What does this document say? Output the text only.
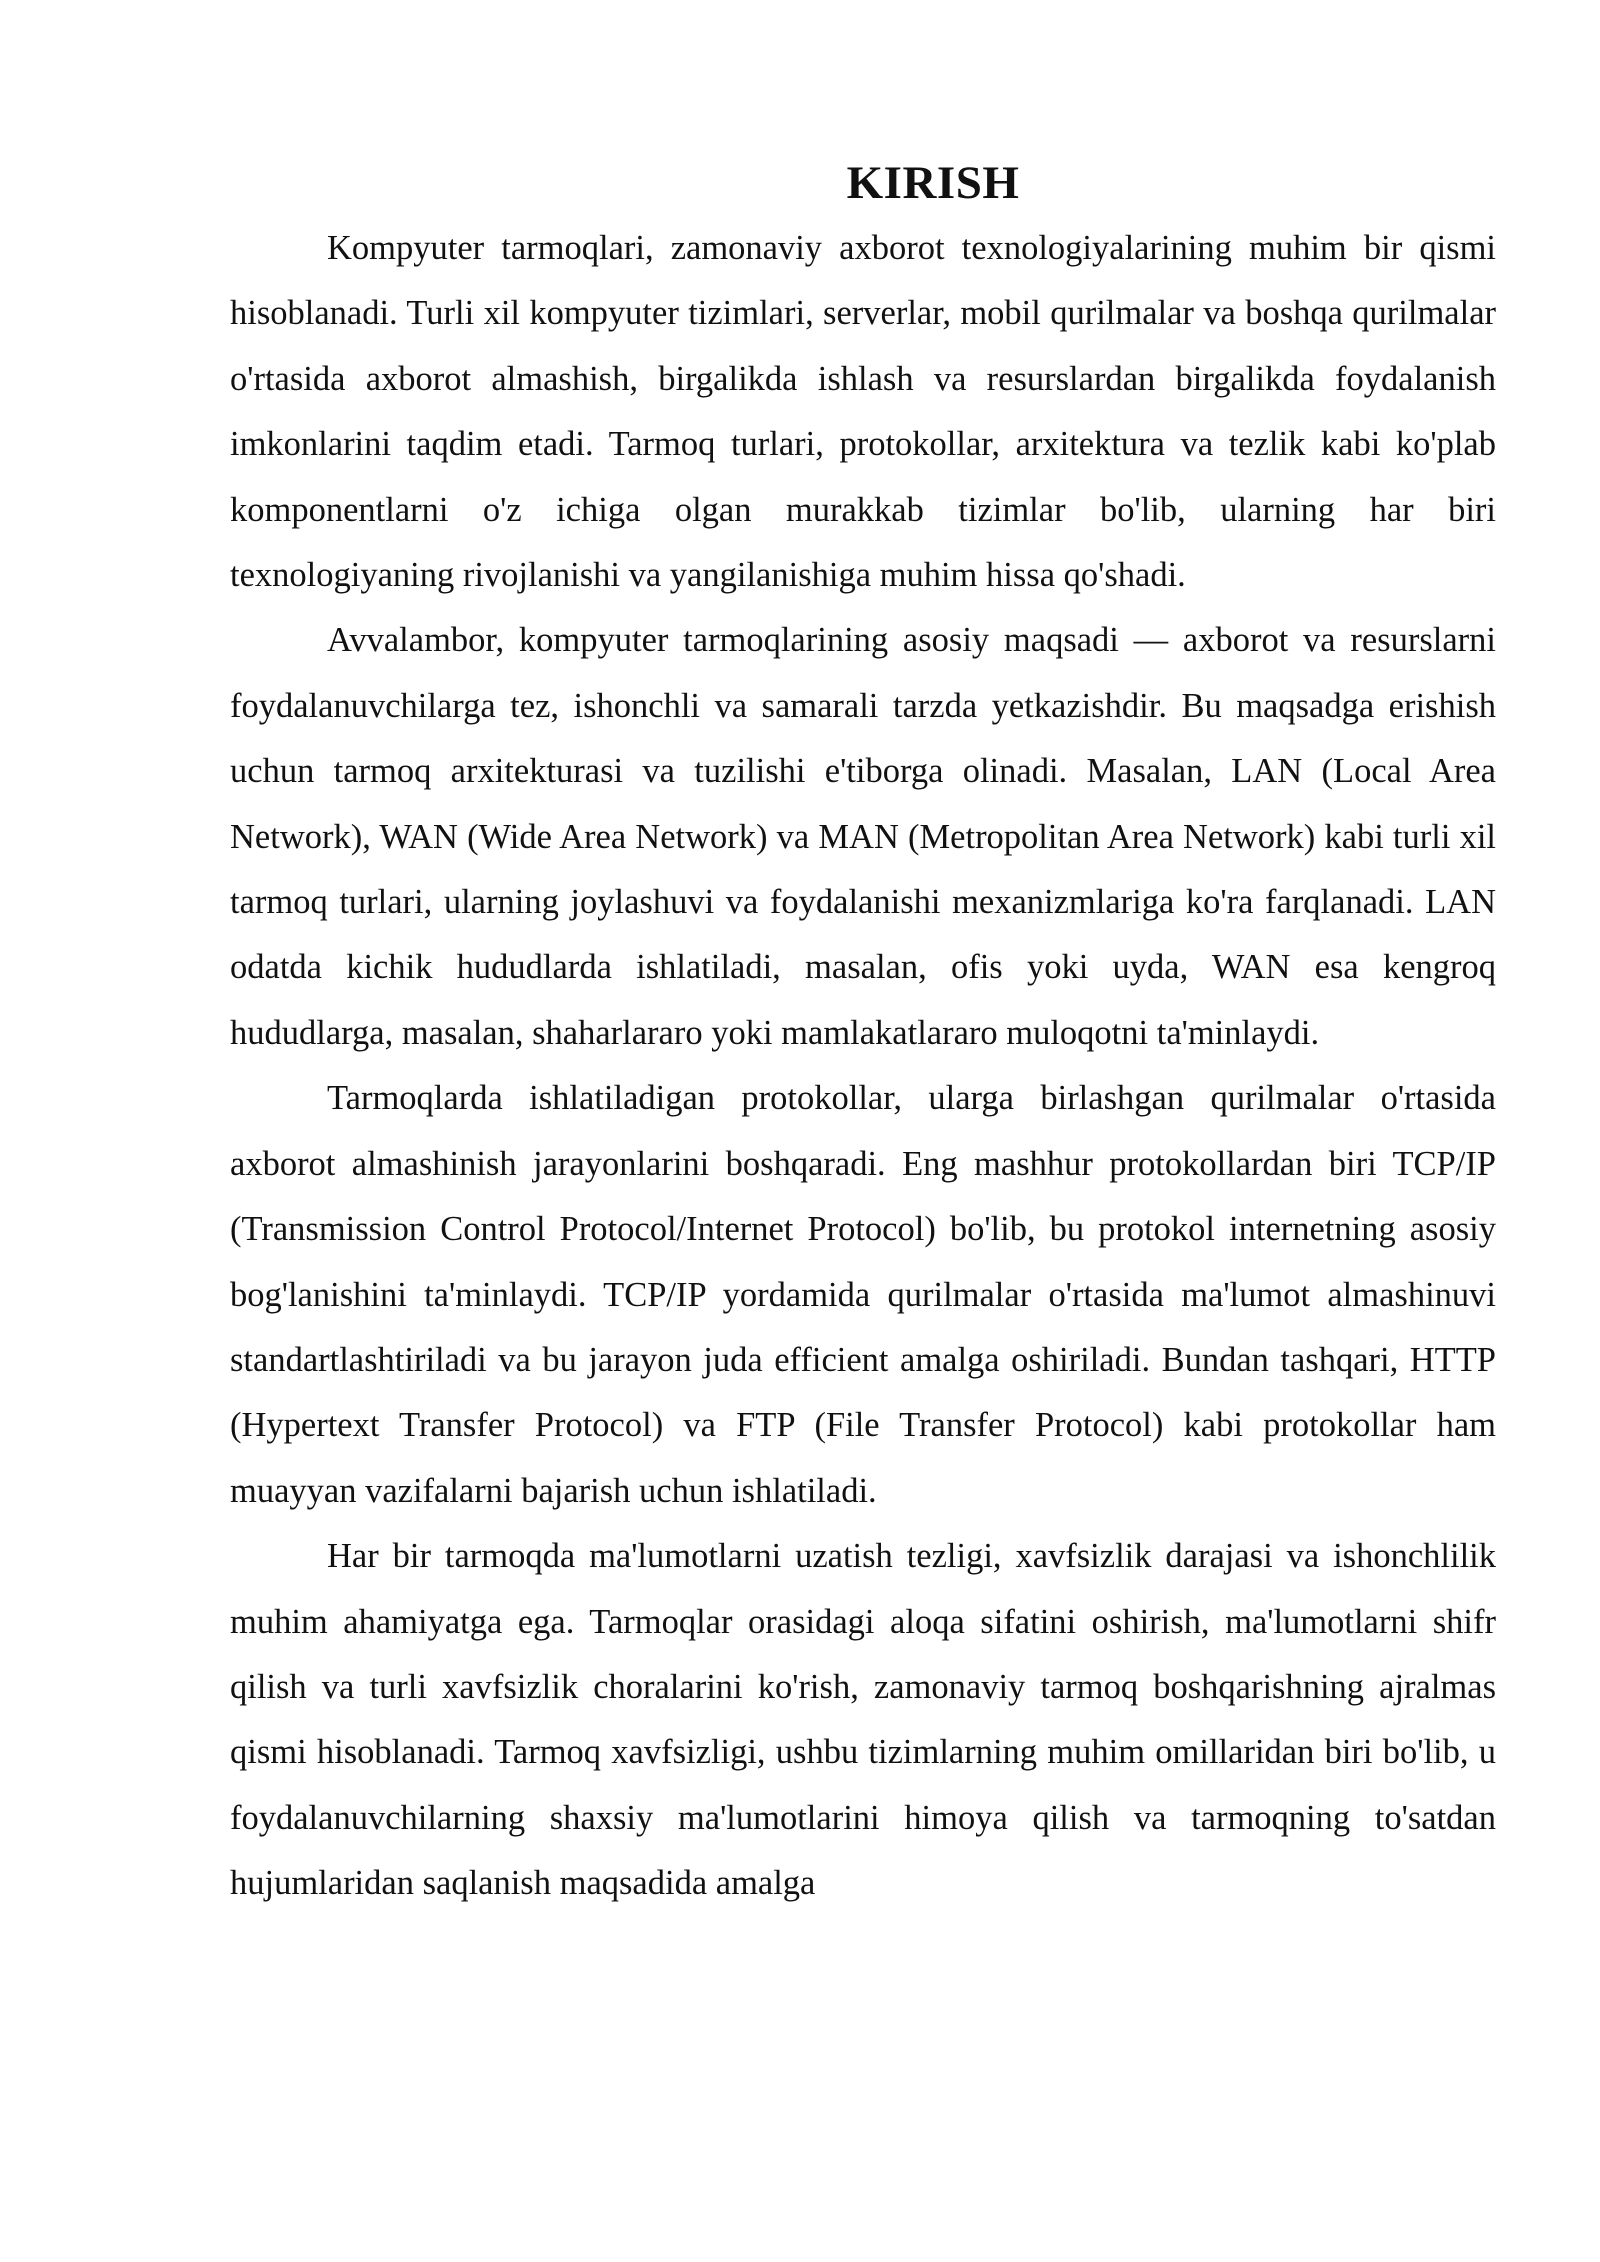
KIRISH

Kompyuter tarmoqlari, zamonaviy axborot texnologiyalarining muhim bir qismi hisoblanadi. Turli xil kompyuter tizimlari, serverlar, mobil qurilmalar va boshqa qurilmalar o'rtasida axborot almashish, birgalikda ishlash va resurslardan birgalikda foydalanish imkonlarini taqdim etadi. Tarmoq turlari, protokollar, arxitektura va tezlik kabi ko'plab komponentlarni o'z ichiga olgan murakkab tizimlar bo'lib, ularning har biri texnologiyaning rivojlanishi va yangilanishiga muhim hissa qo'shadi.

Avvalambor, kompyuter tarmoqlarining asosiy maqsadi — axborot va resurslarni foydalanuvchilarga tez, ishonchli va samarali tarzda yetkazishdir. Bu maqsadga erishish uchun tarmoq arxitekturasi va tuzilishi e'tiborga olinadi. Masalan, LAN (Local Area Network), WAN (Wide Area Network) va MAN (Metropolitan Area Network) kabi turli xil tarmoq turlari, ularning joylashuvi va foydalanishi mexanizmlariga ko'ra farqlanadi. LAN odatda kichik hududlarda ishlatiladi, masalan, ofis yoki uyda, WAN esa kengroq hududlarga, masalan, shaharlararo yoki mamlakatlararo muloqotni ta'minlaydi.

Tarmoqlarda ishlatiladigan protokollar, ularga birlashgan qurilmalar o'rtasida axborot almashinish jarayonlarini boshqaradi. Eng mashhur protokollardan biri TCP/IP (Transmission Control Protocol/Internet Protocol) bo'lib, bu protokol internetning asosiy bog'lanishini ta'minlaydi. TCP/IP yordamida qurilmalar o'rtasida ma'lumot almashinuvi standartlashtiriladi va bu jarayon juda efficient amalga oshiriladi. Bundan tashqari, HTTP (Hypertext Transfer Protocol) va FTP (File Transfer Protocol) kabi protokollar ham muayyan vazifalarni bajarish uchun ishlatiladi.

Har bir tarmoqda ma'lumotlarni uzatish tezligi, xavfsizlik darajasi va ishonchlilik muhim ahamiyatga ega. Tarmoqlar orasidagi aloqa sifatini oshirish, ma'lumotlarni shifr qilish va turli xavfsizlik choralarini ko'rish, zamonaviy tarmoq boshqarishning ajralmas qismi hisoblanadi. Tarmoq xavfsizligi, ushbu tizimlarning muhim omillaridan biri bo'lib, u foydalanuvchilarning shaxsiy ma'lumotlarini himoya qilish va tarmoqning to'satdan hujumlaridan saqlanish maqsadida amalga
